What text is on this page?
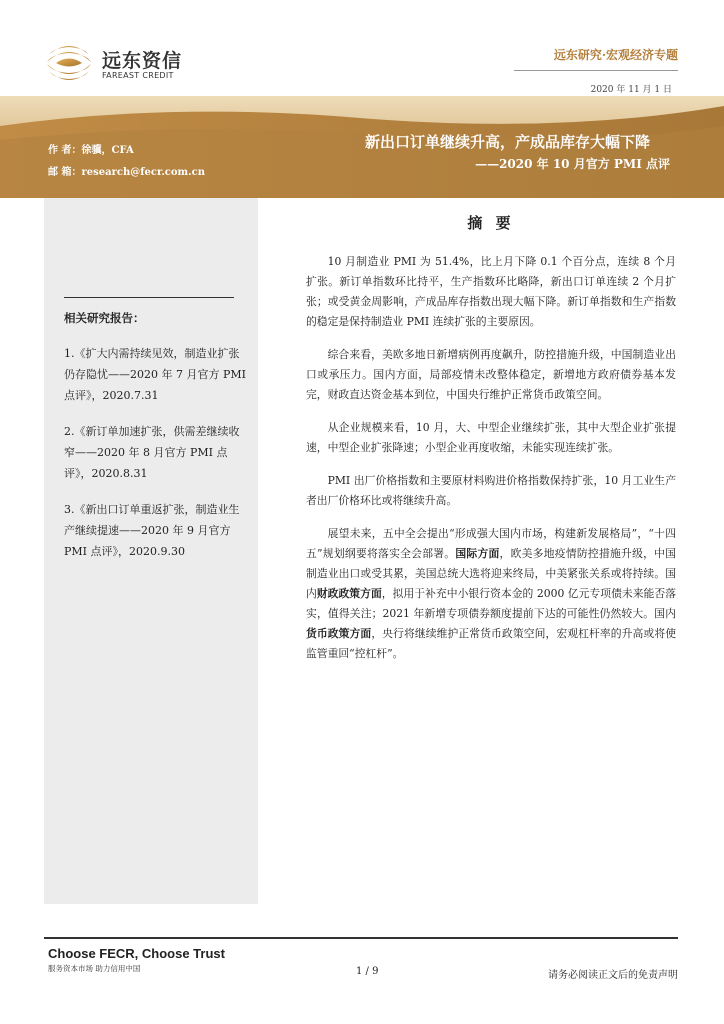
远东资信
FAREAST CREDIT
远东研究·宏观经济专题
2020 年 11 月 1 日
作 者：徐骥，CFA
邮 箱：research@fecr.com.cn
新出口订单继续升高，产成品库存大幅下降
——2020 年 10 月官方 PMI 点评
相关研究报告：
1.《扩大内需持续见效，制造业扩张仍存隐忧——2020 年 7 月官方 PMI 点评》，2020.7.31
2.《新订单加速扩张，供需差继续收窄——2020 年 8 月官方 PMI 点评》，2020.8.31
3.《新出口订单重返扩张，制造业生产继续提速——2020 年 9 月官方 PMI 点评》，2020.9.30
摘 要

10 月制造业 PMI 为 51.4%，比上月下降 0.1 个百分点，连续 8 个月扩张。新订单指数环比持平，生产指数环比略降，新出口订单连续 2 个月扩张；或受黄金周影响，产成品库存指数出现大幅下降。新订单指数和生产指数的稳定是保持制造业 PMI 连续扩张的主要原因。

综合来看，美欧多地日新增病例再度飙升，防控措施升级，中国制造业出口或承压力。国内方面，局部疫情未改整体稳定，新增地方政府债券基本发完，财政直达资金基本到位，中国央行维护正常货币政策空间。

从企业规模来看，10 月，大、中型企业继续扩张，其中大型企业扩张提速，中型企业扩张降速；小型企业再度收缩，未能实现连续扩张。

PMI 出厂价格指数和主要原材料购进价格指数保持扩张，10 月工业生产者出厂价格环比或将继续升高。

展望未来，五中全会提出“形成强大国内市场，构建新发展格局”，“十四五”规划纲要将落实全会部署。国际方面，欧美多地疫情防控措施升级，中国制造业出口或受其累，美国总统大选将迎来终局，中美紧张关系或将持续。国内财政政策方面，拟用于补充中小银行资本金的 2000 亿元专项债未来能否落实，值得关注；2021 年新增专项债券额度提前下达的可能性仍然较大。国内货币政策方面，央行将继续维护正常货币政策空间，宏观杠杆率的升高或将使监管重回“控杠杆”。

Choose FECR, Choose Trust
服务资本市场 助力信用中国	1 / 9	请务必阅读正文后的免责声明
